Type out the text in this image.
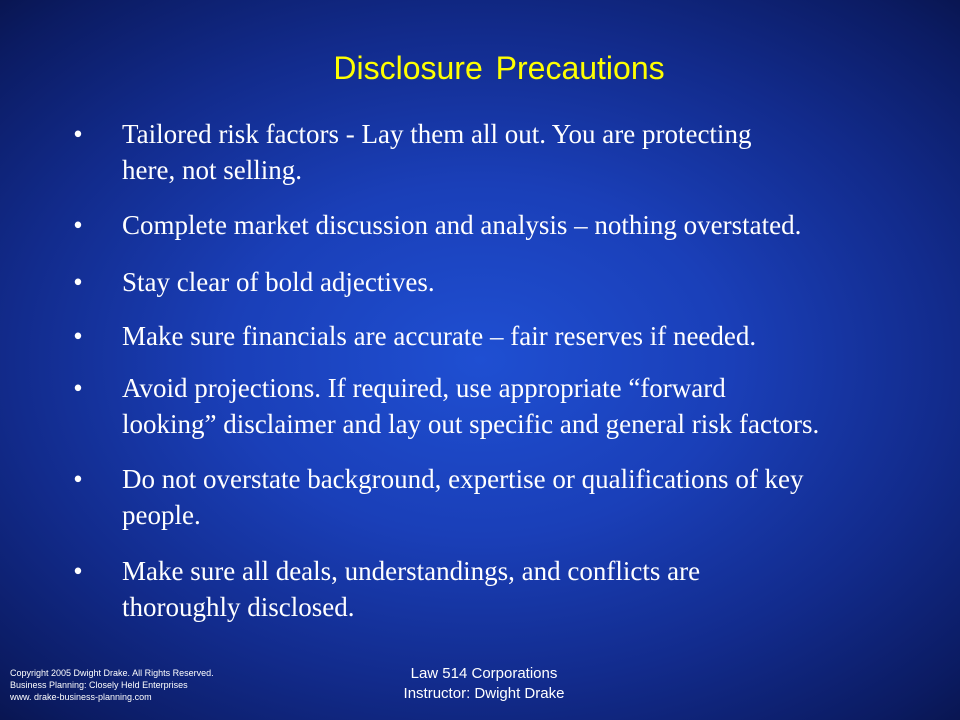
Disclosure Precautions
• Tailored risk factors - Lay them all out. You are protecting
here, not selling.
• Complete market discussion and analysis – nothing overstated.
• Stay clear of bold adjectives.
• Make sure financials are accurate – fair reserves if needed.
• Avoid projections. If required, use appropriate “forward
looking” disclaimer and lay out specific and general risk factors.
• Do not overstate background, expertise or qualifications of key
people.
• Make sure all deals, understandings, and conflicts are
thoroughly disclosed.
Copyright 2005 Dwight Drake. All Rights Reserved.
Business Planning: Closely Held Enterprises
www. drake-business-planning.com
Law 514 Corporations
Instructor: Dwight Drake
